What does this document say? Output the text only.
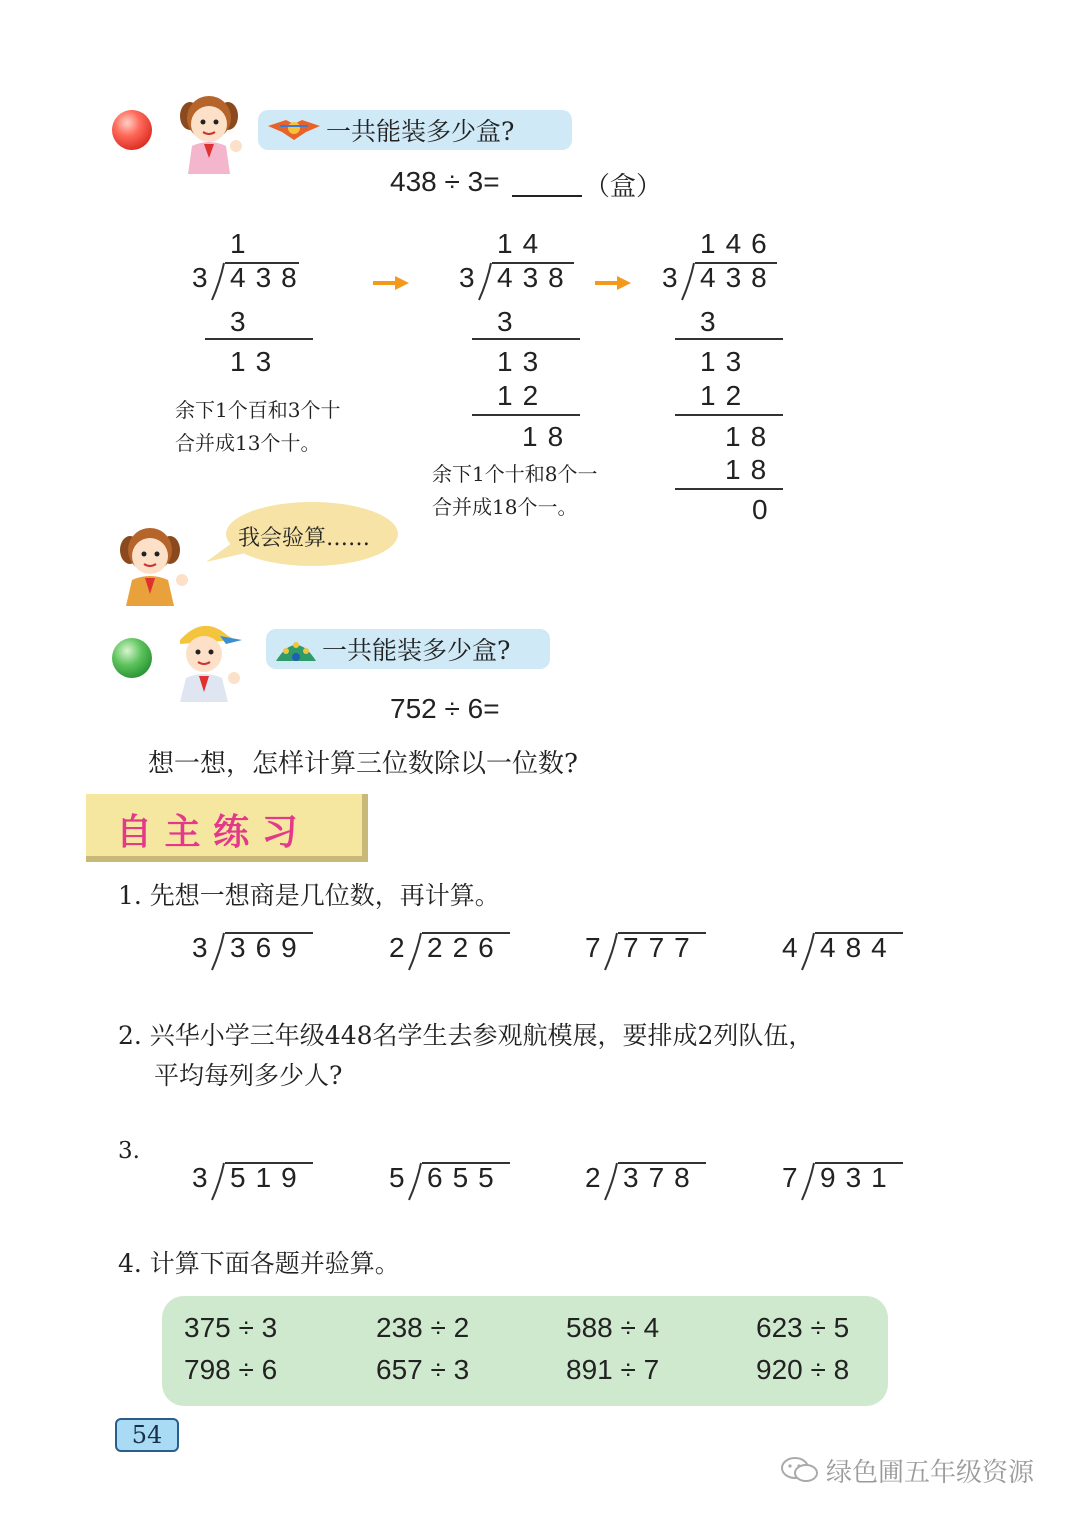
一共能装多少盒?
438 ÷ 3=	（盒）
1
3 438
3
13
余下1个百和3个十
合并成13个十。
14
3 438
3
13
12
18
余下1个十和8个一
合并成18个一。
146
3 438
3
13
12
18
18
0
我会验算……
一共能装多少盒?
752 ÷ 6=
想一想，怎样计算三位数除以一位数?
自 主 练 习
1. 先想一想商是几位数，再计算。
3 369	2 226	7 777	4 484
2. 兴华小学三年级448名学生去参观航模展，要排成2列队伍，
平均每列多少人?
3.
3 519	5 655	2 378	7 931
4. 计算下面各题并验算。
375 ÷ 3	238 ÷ 2	588 ÷ 4	623 ÷ 5
798 ÷ 6	657 ÷ 3	891 ÷ 7	920 ÷ 8
54
绿色圃五年级资源
